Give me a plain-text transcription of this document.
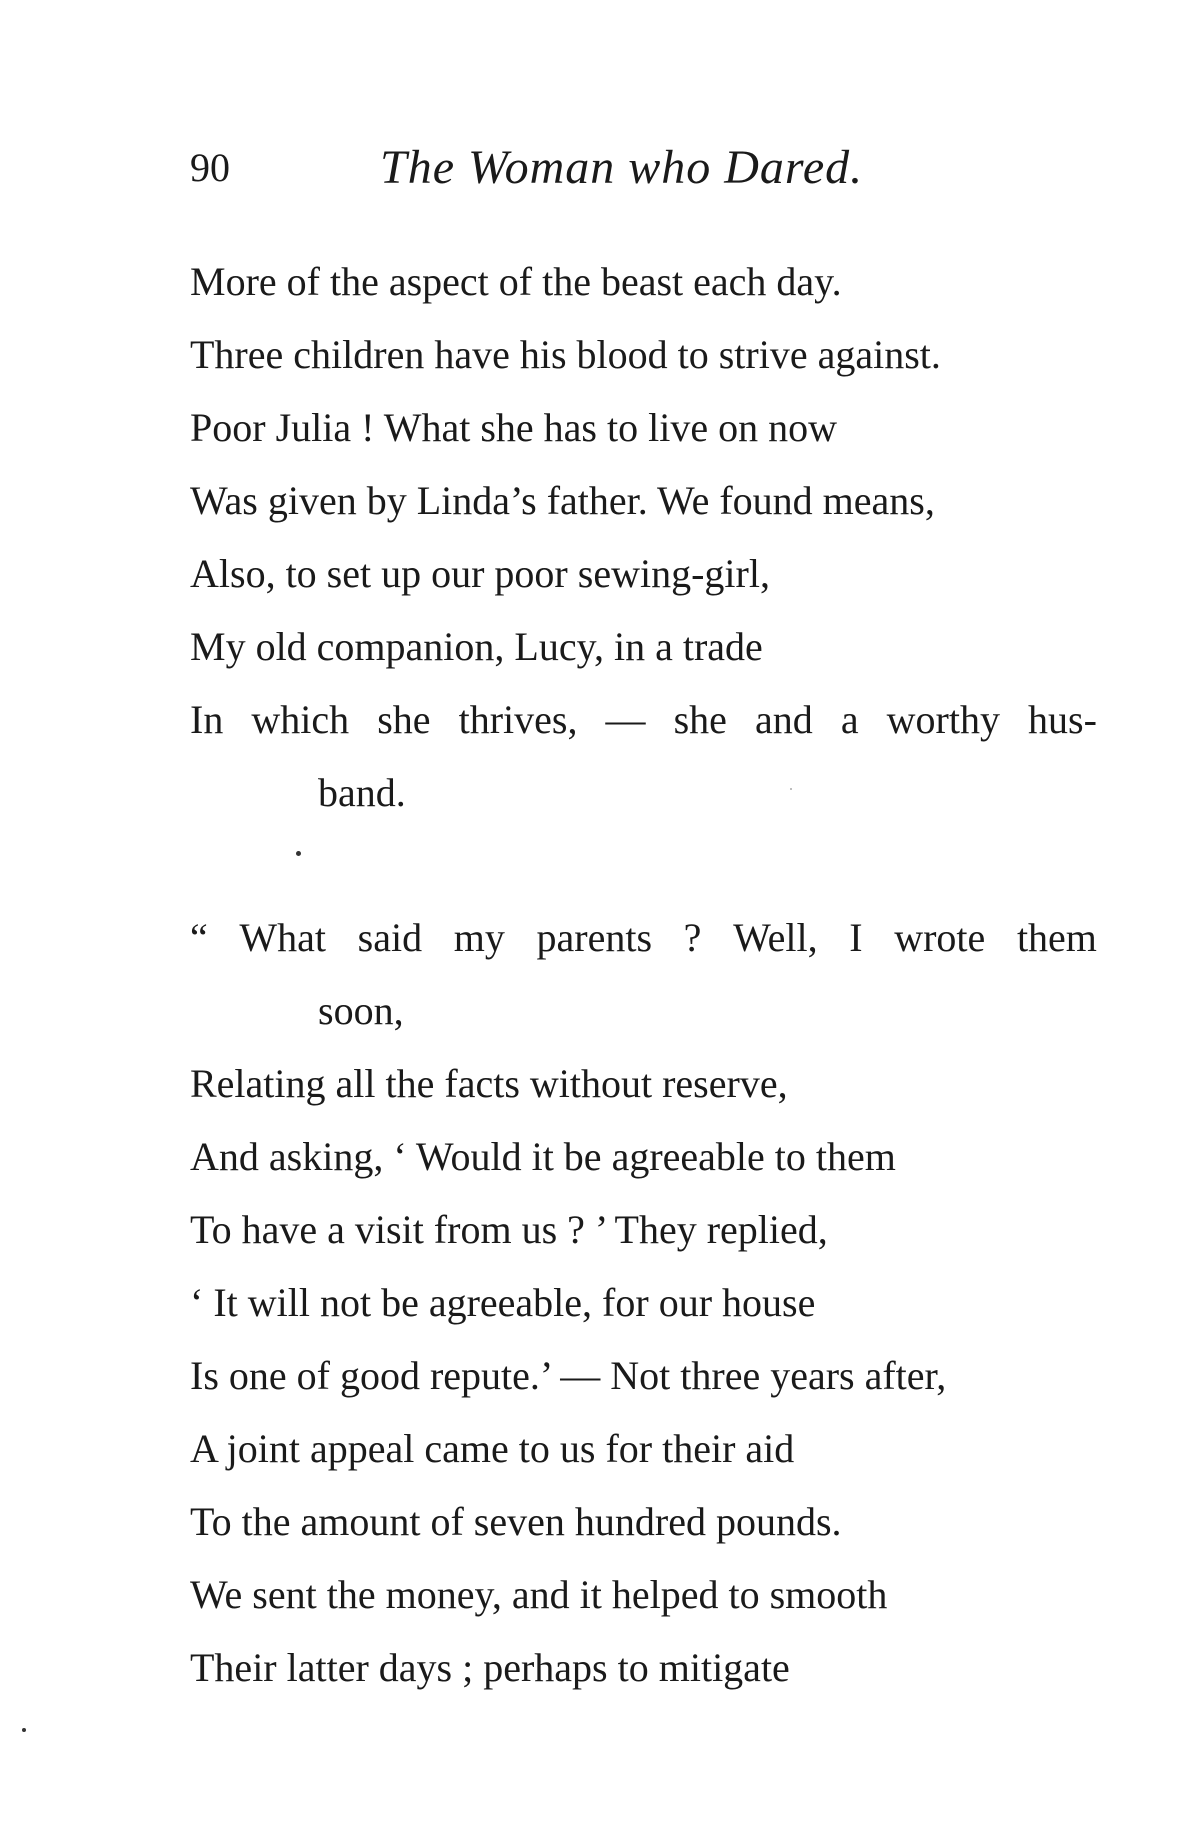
90	The Woman who Dared.
More of the aspect of the beast each day.
Three children have his blood to strive against.
Poor Julia ! What she has to live on now
Was given by Linda’s father. We found means,
Also, to set up our poor sewing-girl,
My old companion, Lucy, in a trade
In which she thrives, — she and a worthy hus-
band.
“ What said my parents ? Well, I wrote them
soon,
Relating all the facts without reserve,
And asking, ‘ Would it be agreeable to them
To have a visit from us ? ’ They replied,
‘ It will not be agreeable, for our house
Is one of good repute.’ — Not three years after,
A joint appeal came to us for their aid
To the amount of seven hundred pounds.
We sent the money, and it helped to smooth
Their latter days ; perhaps to mitigate
